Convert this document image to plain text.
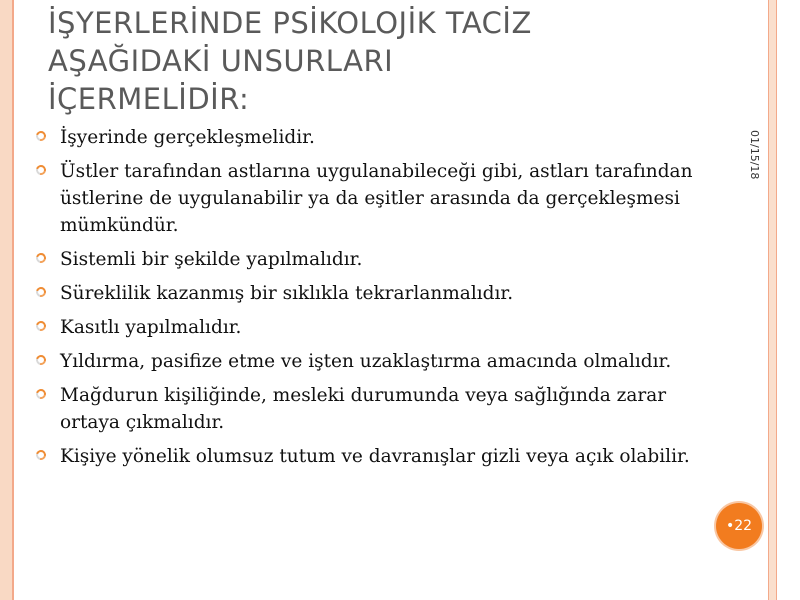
İŞYERLERİNDE PSİKOLOJİK TACİZ
AŞAĞIDAKİ UNSURLARI
İÇERMELİDİR:
İşyerinde gerçekleşmelidir.
Üstler tarafından astlarına uygulanabileceği gibi, astları tarafından üstlerine de uygulanabilir ya da eşitler arasında da gerçekleşmesi mümkündür.
Sistemli bir şekilde yapılmalıdır.
Süreklilik kazanmış bir sıklıkla tekrarlanmalıdır.
Kasıtlı yapılmalıdır.
Yıldırma, pasifize etme ve işten uzaklaştırma amacında olmalıdır.
Mağdurun kişiliğinde, mesleki durumunda veya sağlığında zarar ortaya çıkmalıdır.
Kişiye yönelik olumsuz tutum ve davranışlar gizli veya açık olabilir.
01/15/18
•22
